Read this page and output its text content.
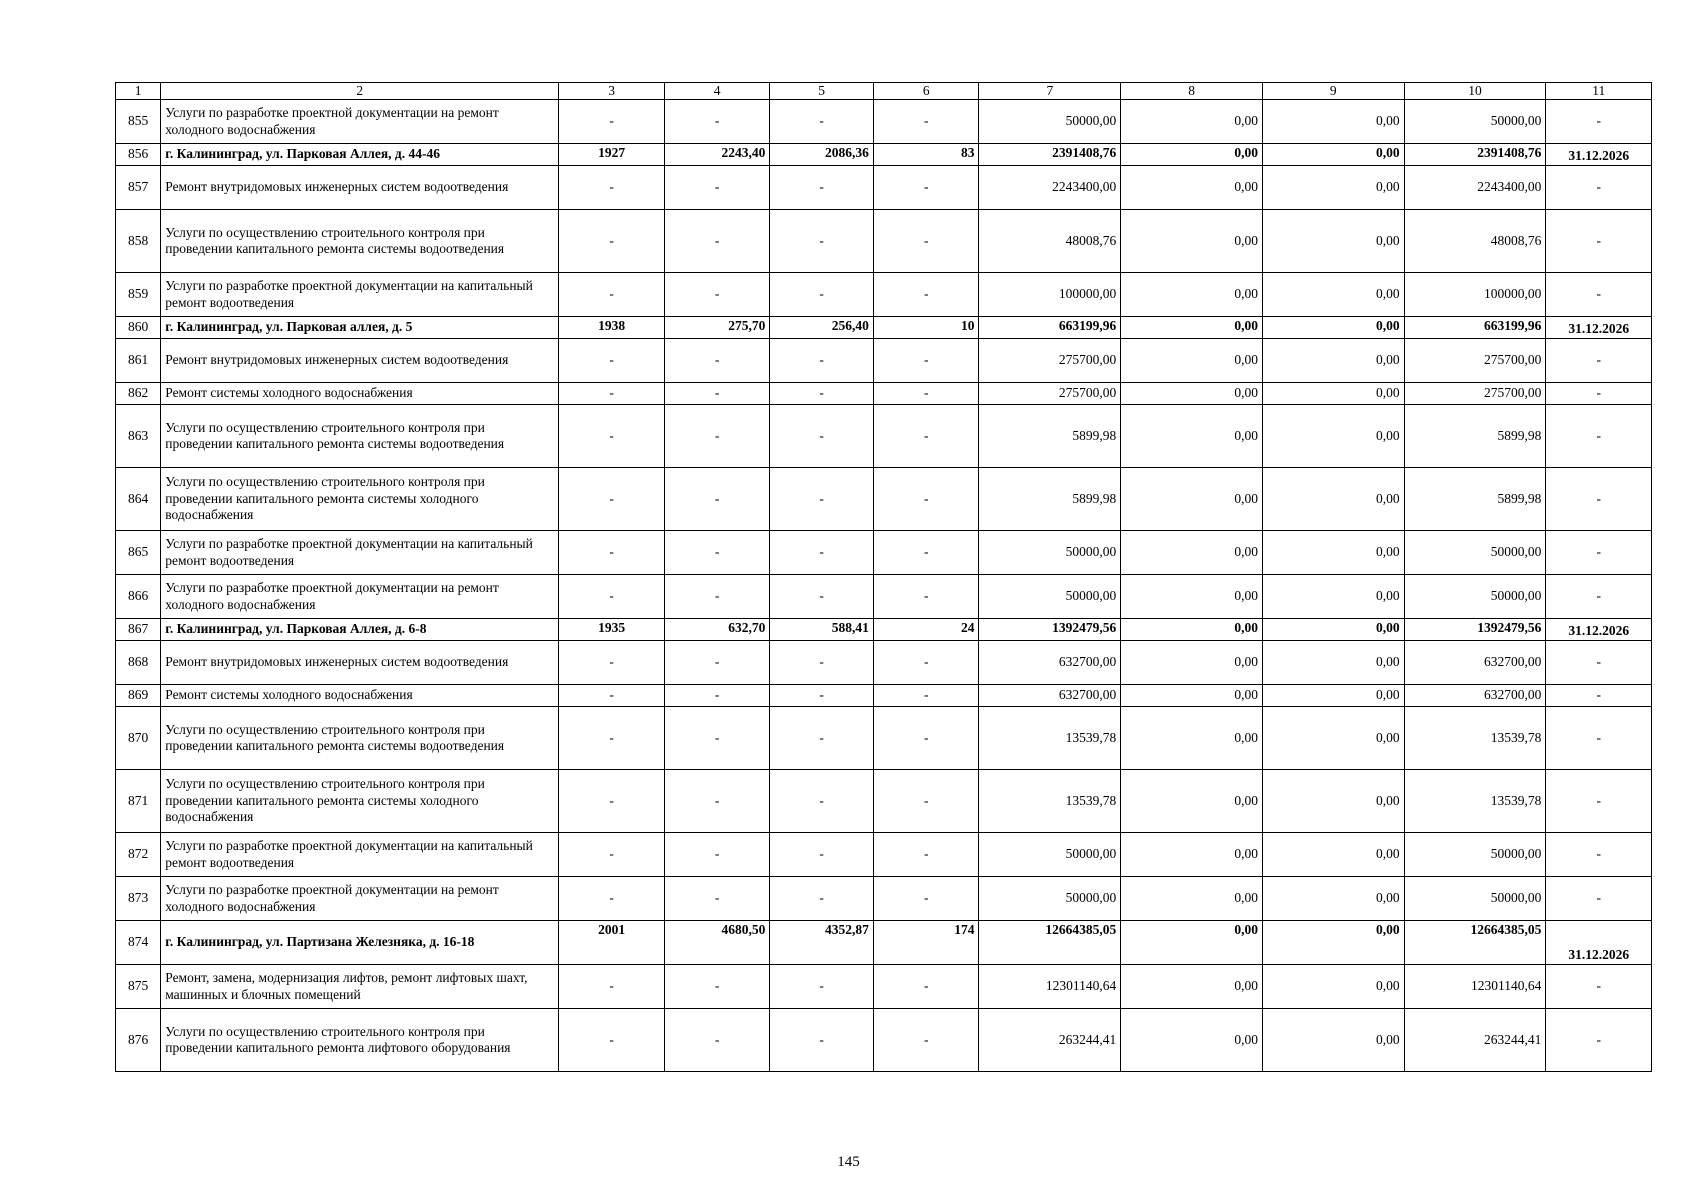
1	2	3	4	5	6	7	8	9	10	11
855	Услуги по разработке проектной документации на ремонт холодного водоснабжения	-	-	-	-	50000,00	0,00	0,00	50000,00	-
856	г. Калининград, ул. Парковая Аллея, д. 44-46	1927	2243,40	2086,36	83	2391408,76	0,00	0,00	2391408,76	31.12.2026
857	Ремонт внутридомовых инженерных систем водоотведения	-	-	-	-	2243400,00	0,00	0,00	2243400,00	-
858	Услуги по осуществлению строительного контроля при проведении капитального ремонта системы водоотведения	-	-	-	-	48008,76	0,00	0,00	48008,76	-
859	Услуги по разработке проектной документации на капитальный ремонт водоотведения	-	-	-	-	100000,00	0,00	0,00	100000,00	-
860	г. Калининград, ул. Парковая аллея, д. 5	1938	275,70	256,40	10	663199,96	0,00	0,00	663199,96	31.12.2026
861	Ремонт внутридомовых инженерных систем водоотведения	-	-	-	-	275700,00	0,00	0,00	275700,00	-
862	Ремонт системы холодного водоснабжения	-	-	-	-	275700,00	0,00	0,00	275700,00	-
863	Услуги по осуществлению строительного контроля при проведении капитального ремонта системы водоотведения	-	-	-	-	5899,98	0,00	0,00	5899,98	-
864	Услуги по осуществлению строительного контроля при проведении капитального ремонта системы холодного водоснабжения	-	-	-	-	5899,98	0,00	0,00	5899,98	-
865	Услуги по разработке проектной документации на капитальный ремонт водоотведения	-	-	-	-	50000,00	0,00	0,00	50000,00	-
866	Услуги по разработке проектной документации на ремонт холодного водоснабжения	-	-	-	-	50000,00	0,00	0,00	50000,00	-
867	г. Калининград, ул. Парковая Аллея, д. 6-8	1935	632,70	588,41	24	1392479,56	0,00	0,00	1392479,56	31.12.2026
868	Ремонт внутридомовых инженерных систем водоотведения	-	-	-	-	632700,00	0,00	0,00	632700,00	-
869	Ремонт системы холодного водоснабжения	-	-	-	-	632700,00	0,00	0,00	632700,00	-
870	Услуги по осуществлению строительного контроля при проведении капитального ремонта системы водоотведения	-	-	-	-	13539,78	0,00	0,00	13539,78	-
871	Услуги по осуществлению строительного контроля при проведении капитального ремонта системы холодного водоснабжения	-	-	-	-	13539,78	0,00	0,00	13539,78	-
872	Услуги по разработке проектной документации на капитальный ремонт водоотведения	-	-	-	-	50000,00	0,00	0,00	50000,00	-
873	Услуги по разработке проектной документации на ремонт холодного водоснабжения	-	-	-	-	50000,00	0,00	0,00	50000,00	-
874	г. Калининград, ул. Партизана Железняка, д. 16-18	2001	4680,50	4352,87	174	12664385,05	0,00	0,00	12664385,05	31.12.2026
875	Ремонт, замена, модернизация лифтов, ремонт лифтовых шахт, машинных и блочных помещений	-	-	-	-	12301140,64	0,00	0,00	12301140,64	-
876	Услуги по осуществлению строительного контроля при проведении капитального ремонта лифтового оборудования	-	-	-	-	263244,41	0,00	0,00	263244,41	-
145
